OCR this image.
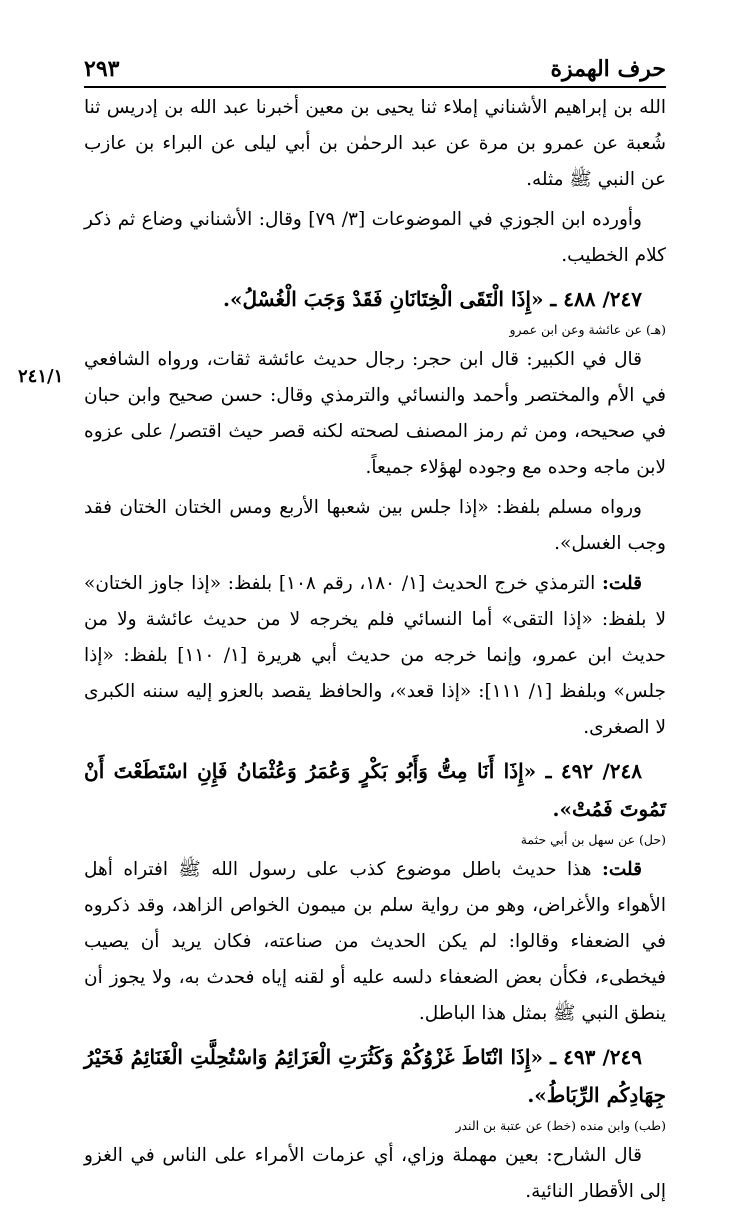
حرف الهمزة
٢٩٣
٢٤١/١

الله بن إبراهيم الأشناني إملاء ثنا يحيى بن معين أخبرنا عبد الله بن إدريس ثنا شُعبة عن عمرو بن مرة عن عبد الرحمٰن بن أبي ليلى عن البراء بن عازب عن النبي ﷺ مثله.

وأورده ابن الجوزي في الموضوعات [٣/ ٧٩] وقال: الأشناني وضاع ثم ذكر كلام الخطيب.

٢٤٧/ ٤٨٨ ـ «إِذَا الْتَقَى الْخِتَانَانِ فَقَدْ وَجَبَ الْغُسْلُ».

(هـ) عن عائشة وعن ابن عمرو

قال في الكبير: قال ابن حجر: رجال حديث عائشة ثقات، ورواه الشافعي في الأم والمختصر وأحمد والنسائي والترمذي وقال: حسن صحيح وابن حبان في صحيحه، ومن ثم رمز المصنف لصحته لكنه قصر حيث اقتصر/ على عزوه لابن ماجه وحده مع وجوده لهؤلاء جميعاً.

ورواه مسلم بلفظ: «إذا جلس بين شعبها الأربع ومس الختان الختان فقد وجب الغسل».

قلت: الترمذي خرج الحديث [١/ ١٨٠، رقم ١٠٨] بلفظ: «إذا جاوز الختان» لا بلفظ: «إذا التقى» أما النسائي فلم يخرجه لا من حديث عائشة ولا من حديث ابن عمرو، وإنما خرجه من حديث أبي هريرة [١/ ١١٠] بلفظ: «إذا جلس» وبلفظ [١/ ١١١]: «إذا قعد»، والحافظ يقصد بالعزو إليه سننه الكبرى لا الصغرى.

٢٤٨/ ٤٩٢ ـ «إِذَا أَنَا مِتُّ وَأَبُو بَكْرٍ وَعُمَرُ وَعُثْمَانُ فَإِنِ اسْتَطَعْتَ أَنْ تَمُوتَ فَمُتْ».

(حل) عن سهل بن أبي حثمة

قلت: هذا حديث باطل موضوع كذب على رسول الله ﷺ افتراه أهل الأهواء والأغراض، وهو من رواية سلم بن ميمون الخواص الزاهد، وقد ذكروه في الضعفاء وقالوا: لم يكن الحديث من صناعته، فكان يريد أن يصيب فيخطىء، فكأن بعض الضعفاء دلسه عليه أو لقنه إياه فحدث به، ولا يجوز أن ينطق النبي ﷺ بمثل هذا الباطل.

٢٤٩/ ٤٩٣ ـ «إِذَا انْتَاطَ غَزْوُكُمْ وَكَثُرَتِ الْعَزَائِمُ وَاسْتُحِلَّتِ الْغَنَائِمُ فَخَيْرُ جِهَادِكُم الرِّبَاطُ».

(طب) وابن منده (خط) عن عتبة بن الندر

قال الشارح: بعين مهملة وزاي، أي عزمات الأمراء على الناس في الغزو إلى الأقطار النائية.
